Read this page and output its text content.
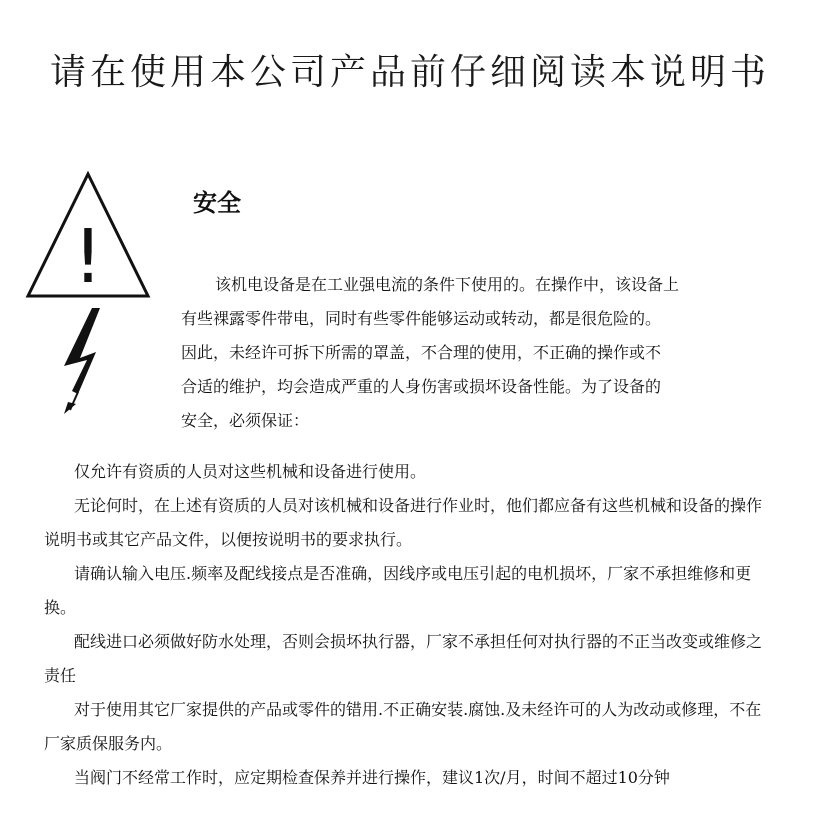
请在使用本公司产品前仔细阅读本说明书
!
安全
该机电设备是在工业强电流的条件下使用的。在操作中，该设备上
有些裸露零件带电，同时有些零件能够运动或转动，都是很危险的。
因此，未经许可拆下所需的罩盖，不合理的使用，不正确的操作或不
合适的维护，均会造成严重的人身伤害或损坏设备性能。为了设备的
安全，必须保证：

仅允许有资质的人员对这些机械和设备进行使用。

无论何时，在上述有资质的人员对该机械和设备进行作业时，他们都应备有这些机械和设备的操作说明书或其它产品文件，以便按说明书的要求执行。

请确认输入电压.频率及配线接点是否准确，因线序或电压引起的电机损坏，厂家不承担维修和更换。

配线进口必须做好防水处理，否则会损坏执行器，厂家不承担任何对执行器的不正当改变或维修之责任

对于使用其它厂家提供的产品或零件的错用.不正确安装.腐蚀.及未经许可的人为改动或修理，不在厂家质保服务内。

当阀门不经常工作时，应定期检查保养并进行操作，建议1次/月，时间不超过10分钟
